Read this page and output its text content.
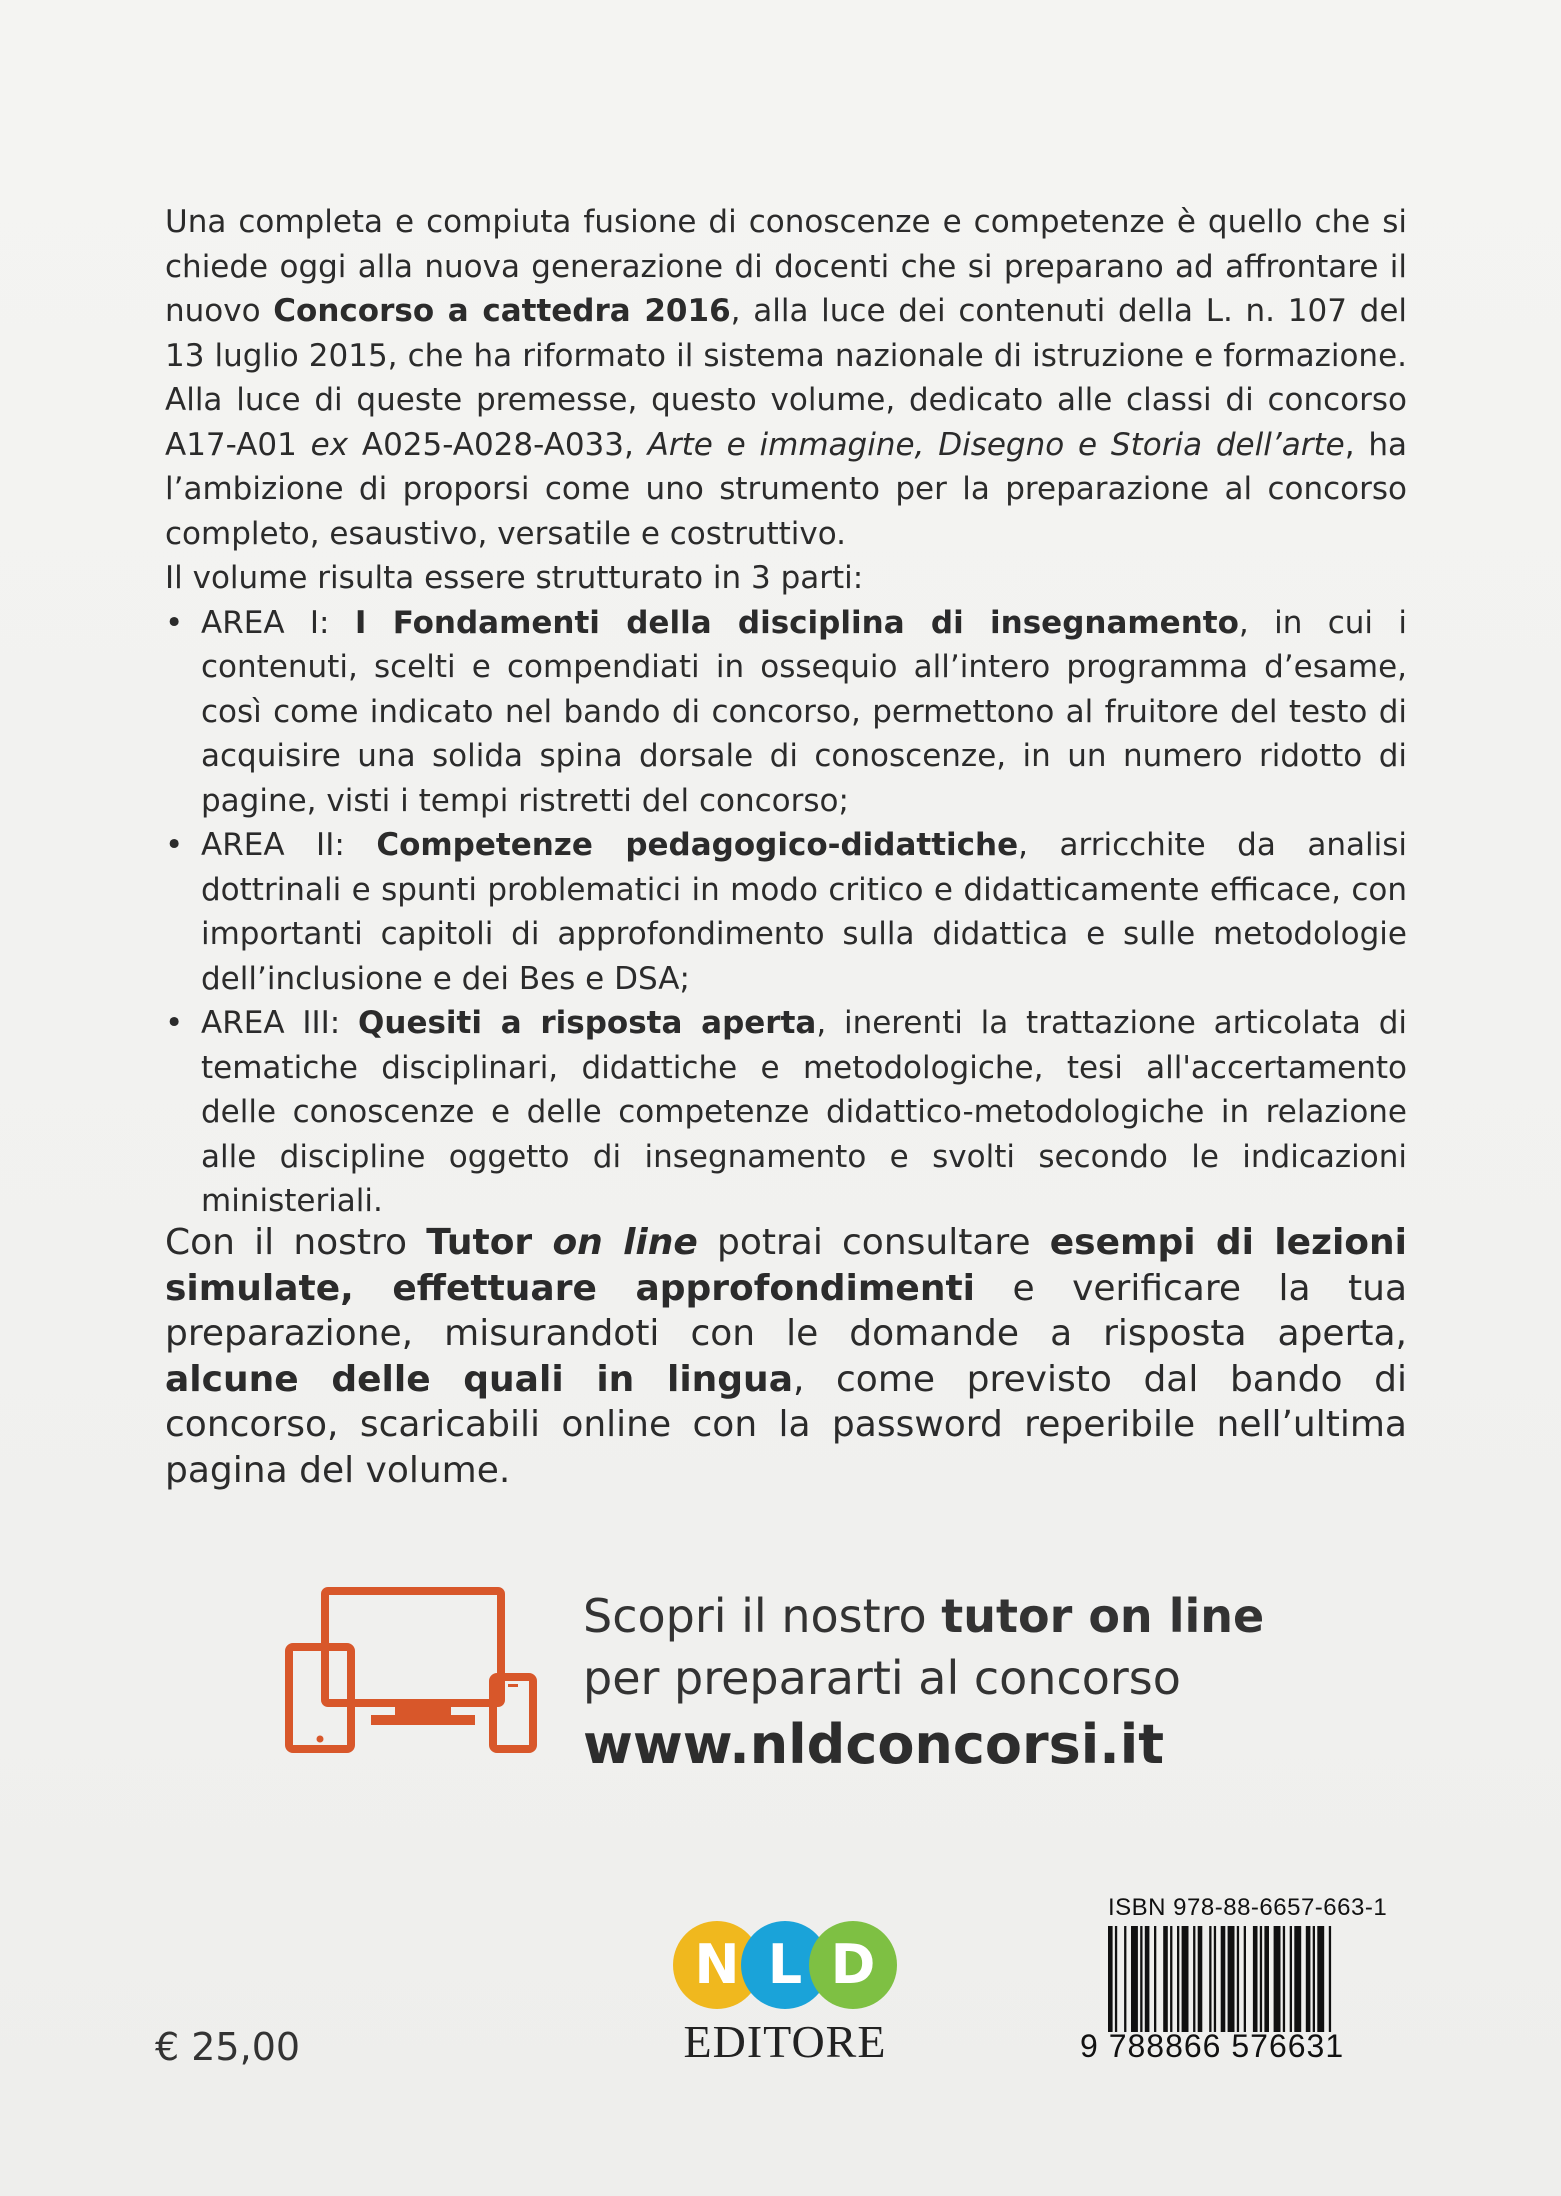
Una completa e compiuta fusione di conoscenze e competenze è quello che si chiede oggi alla nuova generazione di docenti che si preparano ad affrontare il nuovo Concorso a cattedra 2016, alla luce dei contenuti della L. n. 107 del 13 luglio 2015, che ha riformato il sistema nazionale di istruzione e formazione. Alla luce di queste premesse, questo volume, dedicato alle classi di concorso A17-A01 ex A025-A028-A033, Arte e immagine, Disegno e Storia dell’arte, ha l’ambizione di proporsi come uno strumento per la preparazione al concorso completo, esaustivo, versatile e costruttivo.

Il volume risulta essere strutturato in 3 parti:

• AREA I: I Fondamenti della disciplina di insegnamento, in cui i contenuti, scelti e compendiati in ossequio all’intero programma d’esame, così come indicato nel bando di concorso, permettono al fruitore del testo di acquisire una solida spina dorsale di conoscenze, in un numero ridotto di pagine, visti i tempi ristretti del concorso;
• AREA II: Competenze pedagogico-didattiche, arricchite da analisi dottrinali e spunti problematici in modo critico e didatticamente efficace, con importanti capitoli di approfondimento sulla didattica e sulle metodologie dell’inclusione e dei Bes e DSA;
• AREA III: Quesiti a risposta aperta, inerenti la trattazione articolata di tematiche disciplinari, didattiche e metodologiche, tesi all'accertamento delle conoscenze e delle competenze didattico-metodologiche in relazione alle discipline oggetto di insegnamento e svolti secondo le indicazioni ministeriali.

Con il nostro Tutor on line potrai consultare esempi di lezioni simulate, effettuare approfondimenti e verificare la tua preparazione, misurandoti con le domande a risposta aperta, alcune delle quali in lingua, come previsto dal bando di concorso, scaricabili online con la password reperibile nell’ultima pagina del volume.

Scopri il nostro tutor on line
per prepararti al concorso
www.nldconcorsi.it
€ 25,00
N L D
EDITORE
ISBN 978-88-6657-663-1
9 788866 576631
